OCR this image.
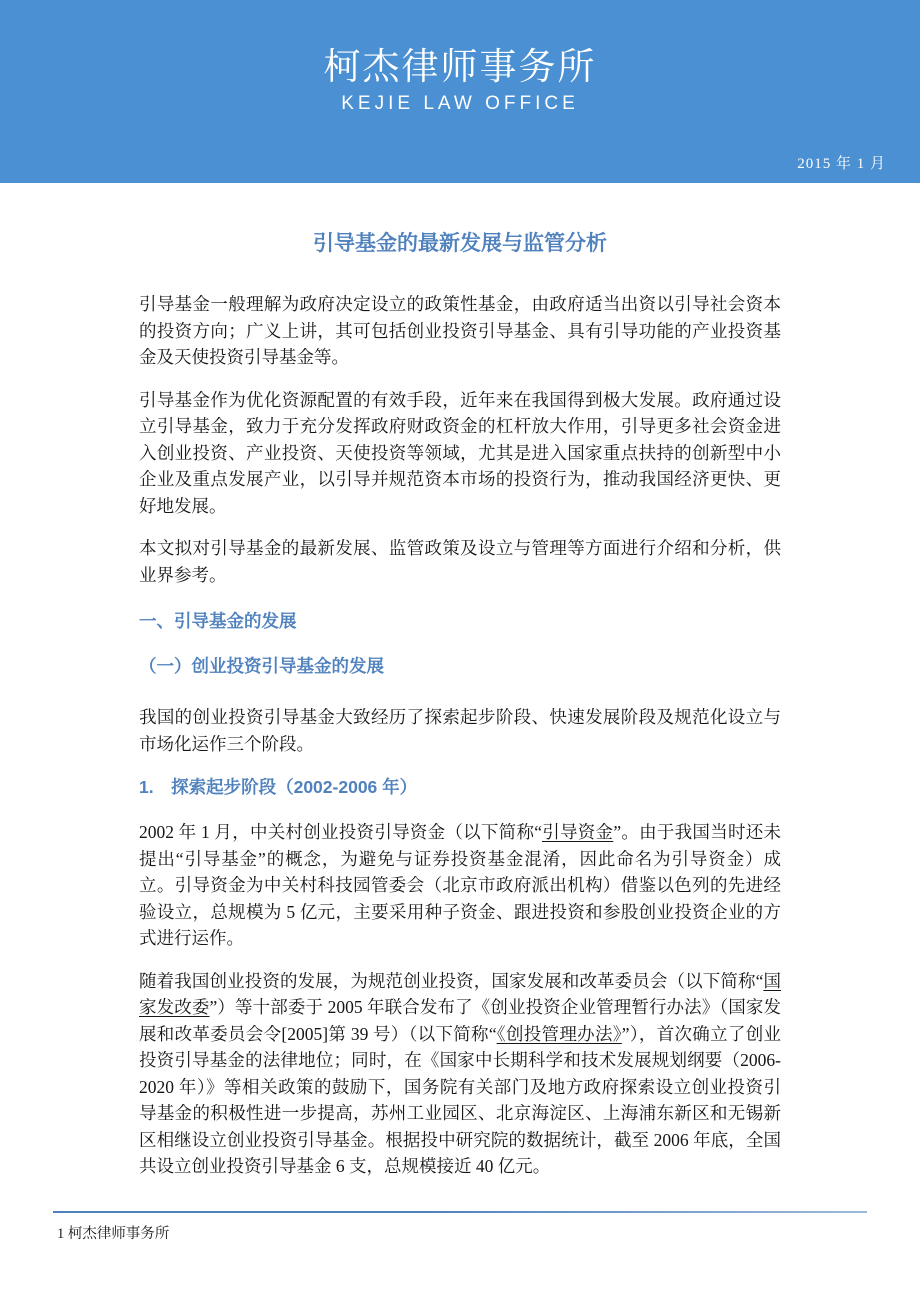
柯杰律师事务所
KEJIE LAW OFFICE
2015 年 1 月
引导基金的最新发展与监管分析
引导基金一般理解为政府决定设立的政策性基金，由政府适当出资以引导社会资本的投资方向；广义上讲，其可包括创业投资引导基金、具有引导功能的产业投资基金及天使投资引导基金等。
引导基金作为优化资源配置的有效手段，近年来在我国得到极大发展。政府通过设立引导基金，致力于充分发挥政府财政资金的杠杆放大作用，引导更多社会资金进入创业投资、产业投资、天使投资等领域，尤其是进入国家重点扶持的创新型中小企业及重点发展产业，以引导并规范资本市场的投资行为，推动我国经济更快、更好地发展。
本文拟对引导基金的最新发展、监管政策及设立与管理等方面进行介绍和分析，供业界参考。
一、引导基金的发展
（一）创业投资引导基金的发展
我国的创业投资引导基金大致经历了探索起步阶段、快速发展阶段及规范化设立与市场化运作三个阶段。
1.　探索起步阶段（2002-2006 年）
2002 年 1 月，中关村创业投资引导资金（以下简称“引导资金”。由于我国当时还未提出“引导基金”的概念，为避免与证券投资基金混淆，因此命名为引导资金）成立。引导资金为中关村科技园管委会（北京市政府派出机构）借鉴以色列的先进经验设立，总规模为 5 亿元，主要采用种子资金、跟进投资和参股创业投资企业的方式进行运作。
随着我国创业投资的发展，为规范创业投资，国家发展和改革委员会（以下简称“国家发改委”）等十部委于 2005 年联合发布了《创业投资企业管理暂行办法》（国家发展和改革委员会令[2005]第 39 号）（以下简称“《创投管理办法》”），首次确立了创业投资引导基金的法律地位；同时，在《国家中长期科学和技术发展规划纲要（2006-2020 年）》等相关政策的鼓励下，国务院有关部门及地方政府探索设立创业投资引导基金的积极性进一步提高，苏州工业园区、北京海淀区、上海浦东新区和无锡新区相继设立创业投资引导基金。根据投中研究院的数据统计，截至 2006 年底，全国共设立创业投资引导基金 6 支，总规模接近 40 亿元。
1 柯杰律师事务所
